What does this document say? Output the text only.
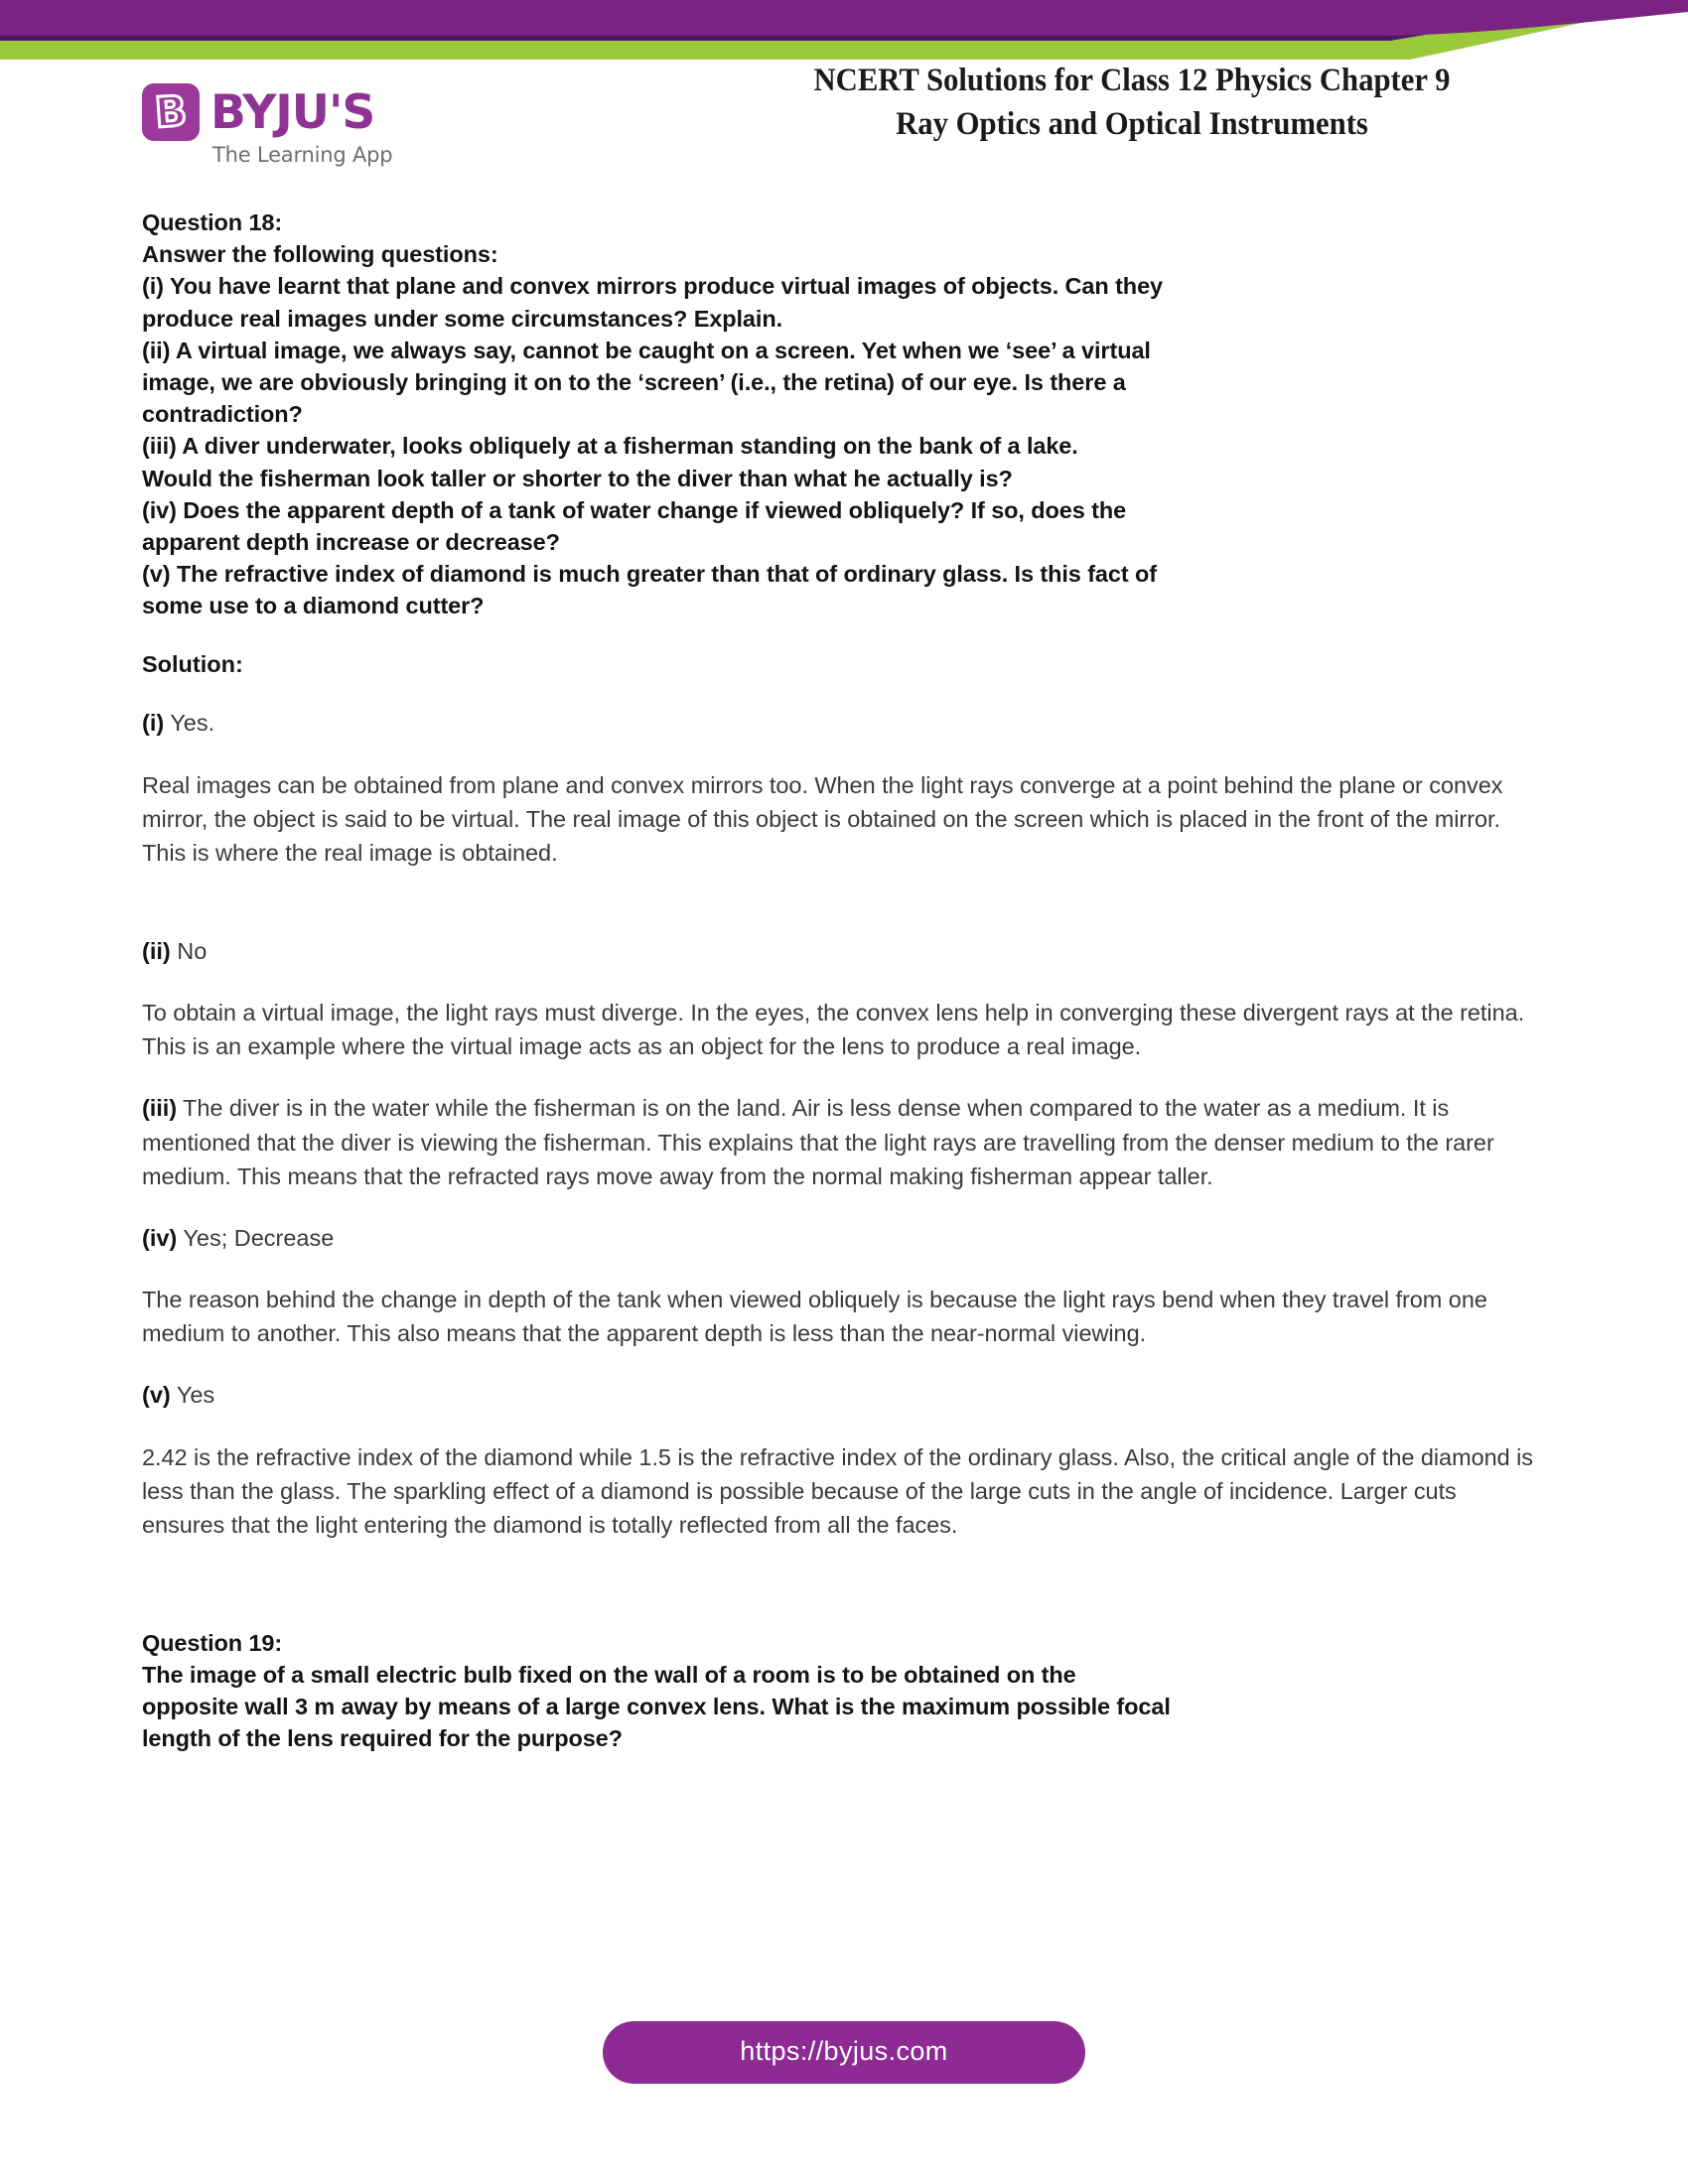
B BYJU'S
The Learning App
NCERT Solutions for Class 12 Physics Chapter 9
Ray Optics and Optical Instruments
Question 18:
Answer the following questions:
(i) You have learnt that plane and convex mirrors produce virtual images of objects. Can they
produce real images under some circumstances? Explain.
(ii) A virtual image, we always say, cannot be caught on a screen. Yet when we ‘see’ a virtual
image, we are obviously bringing it on to the ‘screen’ (i.e., the retina) of our eye. Is there a
contradiction?
(iii) A diver underwater, looks obliquely at a fisherman standing on the bank of a lake.
Would the fisherman look taller or shorter to the diver than what he actually is?
(iv) Does the apparent depth of a tank of water change if viewed obliquely? If so, does the
apparent depth increase or decrease?
(v) The refractive index of diamond is much greater than that of ordinary glass. Is this fact of
some use to a diamond cutter?
Solution:
(i) Yes.
Real images can be obtained from plane and convex mirrors too. When the light rays converge at a point behind the plane or convex mirror, the object is said to be virtual. The real image of this object is obtained on the screen which is placed in the front of the mirror. This is where the real image is obtained.
(ii) No
To obtain a virtual image, the light rays must diverge. In the eyes, the convex lens help in converging these divergent rays at the retina. This is an example where the virtual image acts as an object for the lens to produce a real image.
(iii) The diver is in the water while the fisherman is on the land. Air is less dense when compared to the water as a medium. It is mentioned that the diver is viewing the fisherman. This explains that the light rays are travelling from the denser medium to the rarer medium. This means that the refracted rays move away from the normal making fisherman appear taller.
(iv) Yes; Decrease
The reason behind the change in depth of the tank when viewed obliquely is because the light rays bend when they travel from one medium to another. This also means that the apparent depth is less than the near-normal viewing.
(v) Yes
2.42 is the refractive index of the diamond while 1.5 is the refractive index of the ordinary glass. Also, the critical angle of the diamond is less than the glass. The sparkling effect of a diamond is possible because of the large cuts in the angle of incidence. Larger cuts ensures that the light entering the diamond is totally reflected from all the faces.
Question 19:
The image of a small electric bulb fixed on the wall of a room is to be obtained on the
opposite wall 3 m away by means of a large convex lens. What is the maximum possible focal
length of the lens required for the purpose?
https://byjus.com
